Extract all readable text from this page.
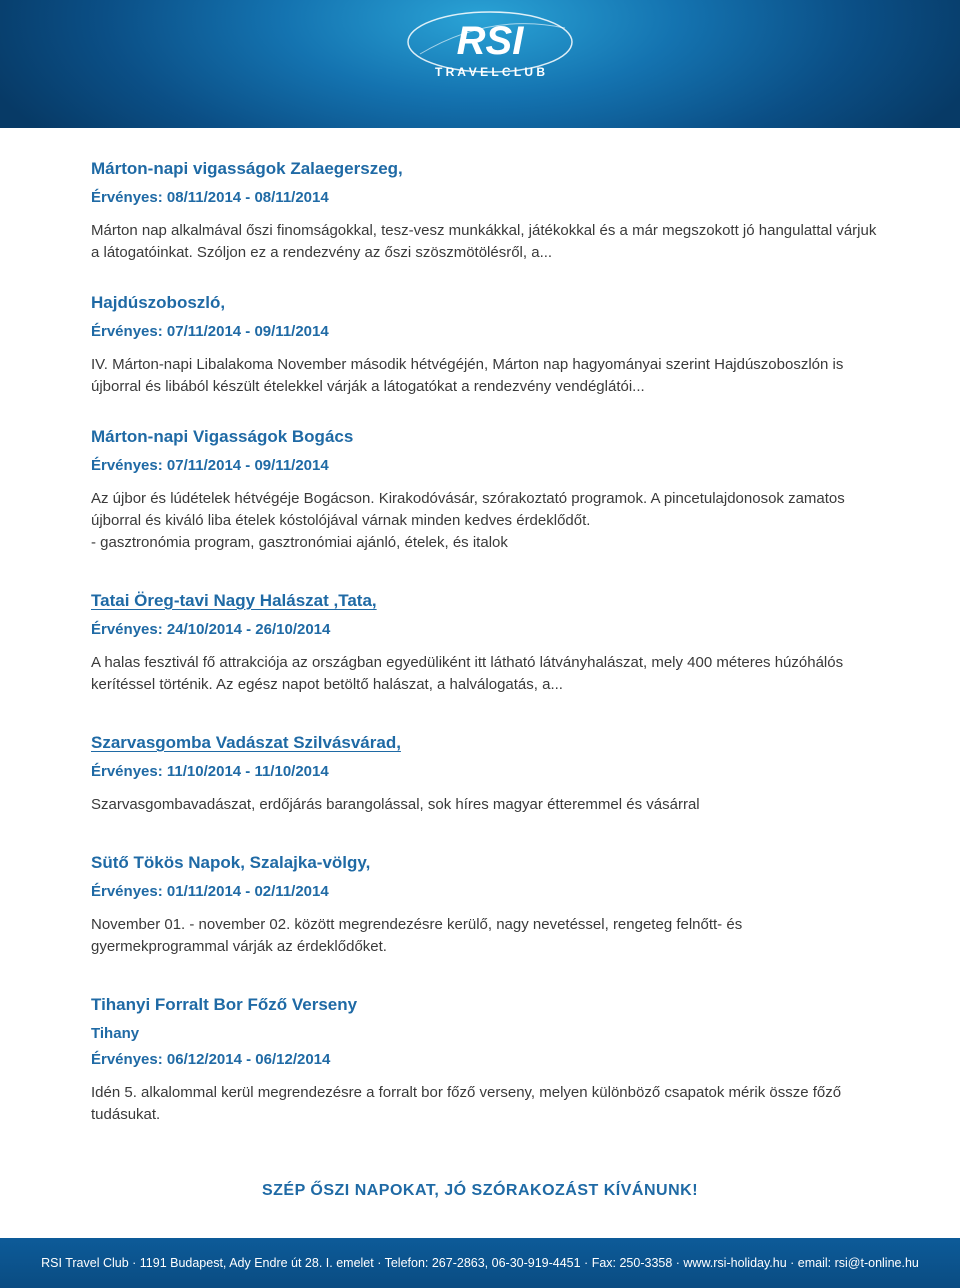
RSI
T R A V E L C L U B
Márton-napi vigasságok Zalaegerszeg,
Érvényes: 08/11/2014 - 08/11/2014

Márton nap alkalmával őszi finomságokkal, tesz-vesz munkákkal, játékokkal és a már megszokott jó hangulattal várjuk a látogatóinkat. Szóljon ez a rendezvény az őszi szöszmötölésről, a...

Hajdúszoboszló,
Érvényes: 07/11/2014 - 09/11/2014

IV. Márton-napi Libalakoma November második hétvégéjén, Márton nap hagyományai szerint Hajdúszoboszlón is újborral és libából készült ételekkel várják a látogatókat a rendezvény vendéglátói...

Márton-napi Vigasságok Bogács
Érvényes: 07/11/2014 - 09/11/2014

Az újbor és lúdételek hétvégéje Bogácson. Kirakodóvásár, szórakoztató programok. A pincetulajdonosok zamatos újborral és kiváló liba ételek kóstolójával várnak minden kedves érdeklődőt.
- gasztronómia program, gasztronómiai ajánló, ételek, és italok

Tatai Öreg-tavi Nagy Halászat ,Tata,
Érvényes: 24/10/2014 - 26/10/2014

A halas fesztivál fő attrakciója az országban egyedüliként itt látható látványhalászat, mely 400 méteres húzóhálós kerítéssel történik. Az egész napot betöltő halászat, a halválogatás, a...

Szarvasgomba Vadászat Szilvásvárad,
Érvényes: 11/10/2014 - 11/10/2014

Szarvasgombavadászat, erdőjárás barangolással, sok híres magyar étteremmel és vásárral

Sütő Tökös Napok, Szalajka-völgy,
Érvényes: 01/11/2014 - 02/11/2014

November 01. - november 02. között megrendezésre kerülő, nagy nevetéssel, rengeteg felnőtt- és gyermekprogrammal várják az érdeklődőket.

Tihanyi Forralt Bor Főző Verseny
Tihany
Érvényes: 06/12/2014 - 06/12/2014

Idén 5. alkalommal kerül megrendezésre a forralt bor főző verseny, melyen különböző csapatok mérik össze főző tudásukat.

SZÉP ŐSZI NAPOKAT, JÓ SZÓRAKOZÁST KÍVÁNUNK!
RSI Travel Club · 1191 Budapest, Ady Endre út 28. I. emelet · Telefon: 267-2863, 06-30-919-4451 · Fax: 250-3358 · www.rsi-holiday.hu · email: rsi@t-online.hu
